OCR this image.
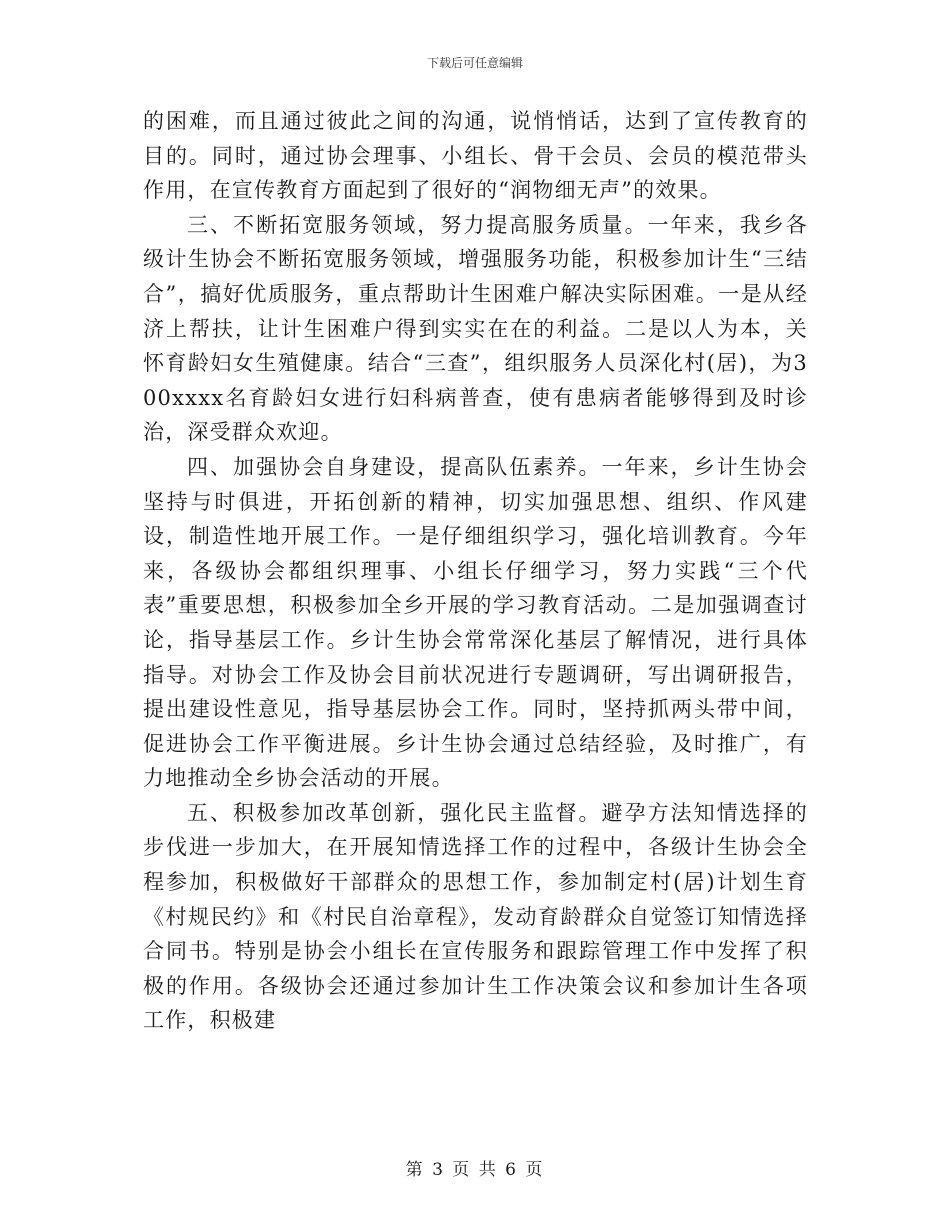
下载后可任意编辑

的困难，而且通过彼此之间的沟通，说悄悄话，达到了宣传教育的目的。同时，通过协会理事、小组长、骨干会员、会员的模范带头作用，在宣传教育方面起到了很好的“润物细无声”的效果。

三、不断拓宽服务领域，努力提高服务质量。一年来，我乡各级计生协会不断拓宽服务领域，增强服务功能，积极参加计生“三结合”，搞好优质服务，重点帮助计生困难户解决实际困难。一是从经济上帮扶，让计生困难户得到实实在在的利益。二是以人为本，关怀育龄妇女生殖健康。结合“三查”，组织服务人员深化村(居)，为300xxxx名育龄妇女进行妇科病普查，使有患病者能够得到及时诊治，深受群众欢迎。

四、加强协会自身建设，提高队伍素养。一年来，乡计生协会坚持与时俱进，开拓创新的精神，切实加强思想、组织、作风建设，制造性地开展工作。一是仔细组织学习，强化培训教育。今年来，各级协会都组织理事、小组长仔细学习，努力实践“三个代表”重要思想，积极参加全乡开展的学习教育活动。二是加强调查讨论，指导基层工作。乡计生协会常常深化基层了解情况，进行具体指导。对协会工作及协会目前状况进行专题调研，写出调研报告，提出建设性意见，指导基层协会工作。同时，坚持抓两头带中间，促进协会工作平衡进展。乡计生协会通过总结经验，及时推广，有力地推动全乡协会活动的开展。

五、积极参加改革创新，强化民主监督。避孕方法知情选择的步伐进一步加大，在开展知情选择工作的过程中，各级计生协会全程参加，积极做好干部群众的思想工作，参加制定村(居)计划生育《村规民约》和《村民自治章程》，发动育龄群众自觉签订知情选择合同书。特别是协会小组长在宣传服务和跟踪管理工作中发挥了积极的作用。各级协会还通过参加计生工作决策会议和参加计生各项工作，积极建

第 3 页 共 6 页
